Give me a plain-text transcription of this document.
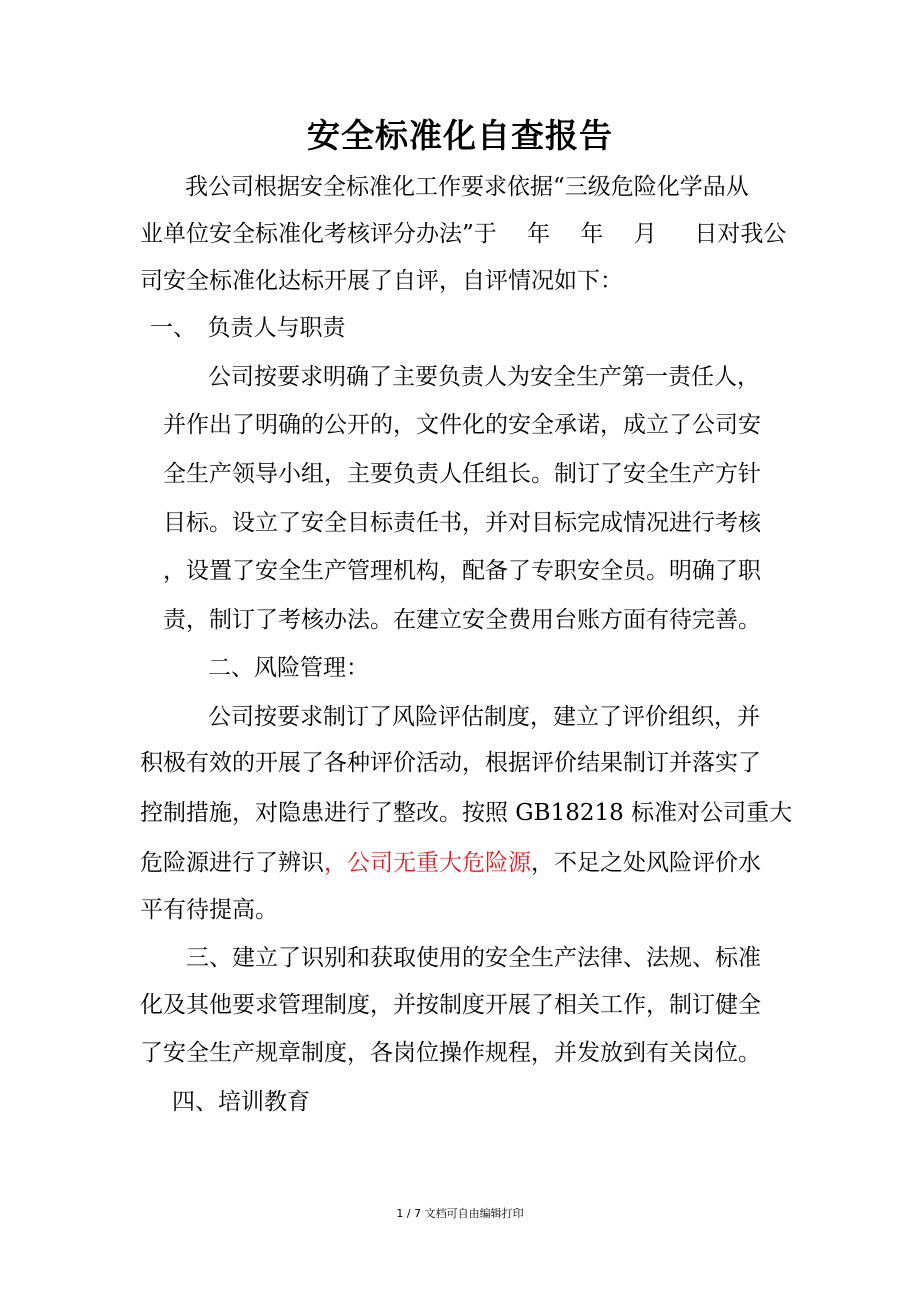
安全标准化自查报告
我公司根据安全标准化工作要求依据“三级危险化学品从
业单位安全标准化考核评分办法”于　 年　 年　 月 　 日对我公
司安全标准化达标开展了自评，自评情况如下：
一、　负责人与职责
公司按要求明确了主要负责人为安全生产第一责任人，
并作出了明确的公开的，文件化的安全承诺，成立了公司安
全生产领导小组，主要负责人任组长。制订了安全生产方针
目标。设立了安全目标责任书，并对目标完成情况进行考核
，设置了安全生产管理机构，配备了专职安全员。明确了职
责，制订了考核办法。在建立安全费用台账方面有待完善。
二、风险管理：
公司按要求制订了风险评估制度，建立了评价组织，并
积极有效的开展了各种评价活动，根据评价结果制订并落实了
控制措施，对隐患进行了整改。按照 GB18218 标准对公司重大
危险源进行了辨识，公司无重大危险源，不足之处风险评价水
平有待提高。
三、建立了识别和获取使用的安全生产法律、法规、标准
化及其他要求管理制度，并按制度开展了相关工作，制订健全
了安全生产规章制度，各岗位操作规程，并发放到有关岗位。
四、培训教育
1 / 7 文档可自由编辑打印
